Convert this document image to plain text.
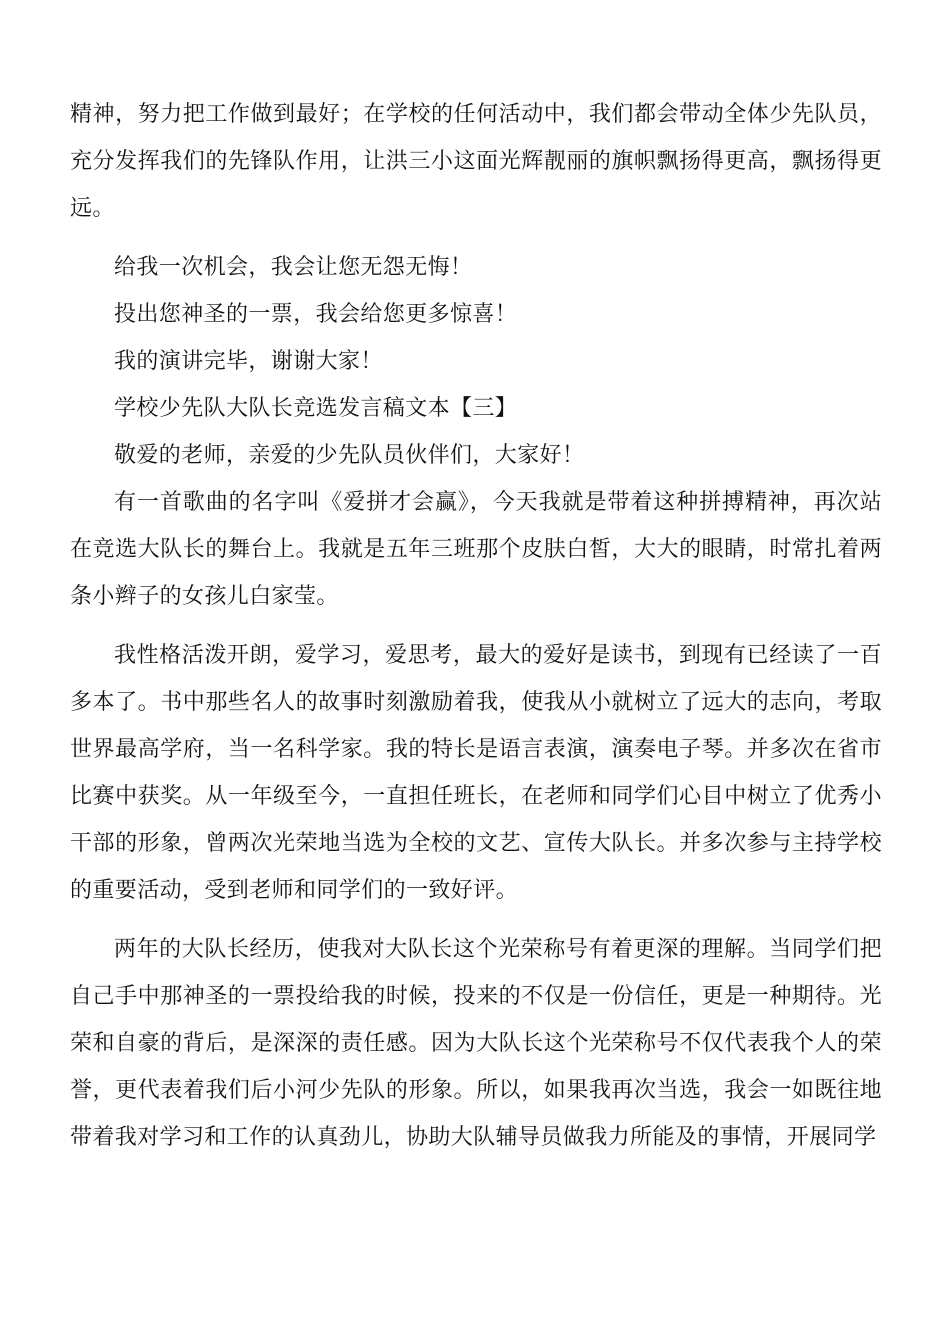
精神，努力把工作做到最好；在学校的任何活动中，我们都会带动全体少先队员，充分发挥我们的先锋队作用，让洪三小这面光辉靓丽的旗帜飘扬得更高，飘扬得更远。

给我一次机会，我会让您无怨无悔！

投出您神圣的一票，我会给您更多惊喜！

我的演讲完毕，谢谢大家！

学校少先队大队长竞选发言稿文本【三】

敬爱的老师，亲爱的少先队员伙伴们，大家好！

有一首歌曲的名字叫《爱拼才会赢》，今天我就是带着这种拼搏精神，再次站在竞选大队长的舞台上。我就是五年三班那个皮肤白皙，大大的眼睛，时常扎着两条小辫子的女孩儿白家莹。

我性格活泼开朗，爱学习，爱思考，最大的爱好是读书，到现有已经读了一百多本了。书中那些名人的故事时刻激励着我，使我从小就树立了远大的志向，考取世界最高学府，当一名科学家。我的特长是语言表演，演奏电子琴。并多次在省市比赛中获奖。从一年级至今，一直担任班长，在老师和同学们心目中树立了优秀小干部的形象，曾两次光荣地当选为全校的文艺、宣传大队长。并多次参与主持学校的重要活动，受到老师和同学们的一致好评。

两年的大队长经历，使我对大队长这个光荣称号有着更深的理解。当同学们把自己手中那神圣的一票投给我的时候，投来的不仅是一份信任，更是一种期待。光荣和自豪的背后，是深深的责任感。因为大队长这个光荣称号不仅代表我个人的荣誉，更代表着我们后小河少先队的形象。所以，如果我再次当选，我会一如既往地带着我对学习和工作的认真劲儿，协助大队辅导员做我力所能及的事情，开展同学
